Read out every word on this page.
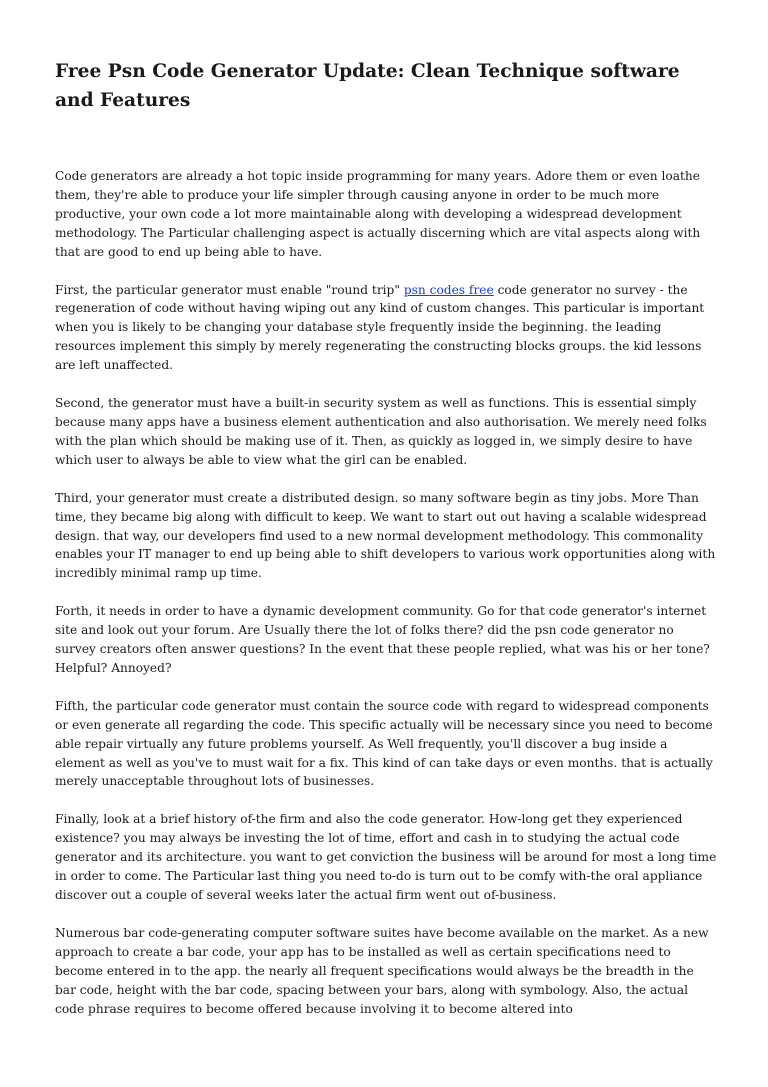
Free Psn Code Generator Update: Clean Technique software and Features

Code generators are already a hot topic inside programming for many years. Adore them or even loathe them, they're able to produce your life simpler through causing anyone in order to be much more productive, your own code a lot more maintainable along with developing a widespread development methodology. The Particular challenging aspect is actually discerning which are vital aspects along with that are good to end up being able to have.

First, the particular generator must enable "round trip" psn codes free code generator no survey - the regeneration of code without having wiping out any kind of custom changes. This particular is important when you is likely to be changing your database style frequently inside the beginning. the leading resources implement this simply by merely regenerating the constructing blocks groups. the kid lessons are left unaffected.

Second, the generator must have a built-in security system as well as functions. This is essential simply because many apps have a business element authentication and also authorisation. We merely need folks with the plan which should be making use of it. Then, as quickly as logged in, we simply desire to have which user to always be able to view what the girl can be enabled.

Third, your generator must create a distributed design. so many software begin as tiny jobs. More Than time, they became big along with difficult to keep. We want to start out out having a scalable widespread design. that way, our developers find used to a new normal development methodology. This commonality enables your IT manager to end up being able to shift developers to various work opportunities along with incredibly minimal ramp up time.

Forth, it needs in order to have a dynamic development community. Go for that code generator's internet site and look out your forum. Are Usually there the lot of folks there? did the psn code generator no survey creators often answer questions? In the event that these people replied, what was his or her tone? Helpful? Annoyed?

Fifth, the particular code generator must contain the source code with regard to widespread components or even generate all regarding the code. This specific actually will be necessary since you need to become able repair virtually any future problems yourself. As Well frequently, you'll discover a bug inside a element as well as you've to must wait for a fix. This kind of can take days or even months. that is actually merely unacceptable throughout lots of businesses.

Finally, look at a brief history of-the firm and also the code generator. How-long get they experienced existence? you may always be investing the lot of time, effort and cash in to studying the actual code generator and its architecture. you want to get conviction the business will be around for most a long time in order to come. The Particular last thing you need to-do is turn out to be comfy with-the oral appliance discover out a couple of several weeks later the actual firm went out of-business.

Numerous bar code-generating computer software suites have become available on the market. As a new approach to create a bar code, your app has to be installed as well as certain specifications need to become entered in to the app. the nearly all frequent specifications would always be the breadth in the bar code, height with the bar code, spacing between your bars, along with symbology. Also, the actual code phrase requires to become offered because involving it to become altered into
